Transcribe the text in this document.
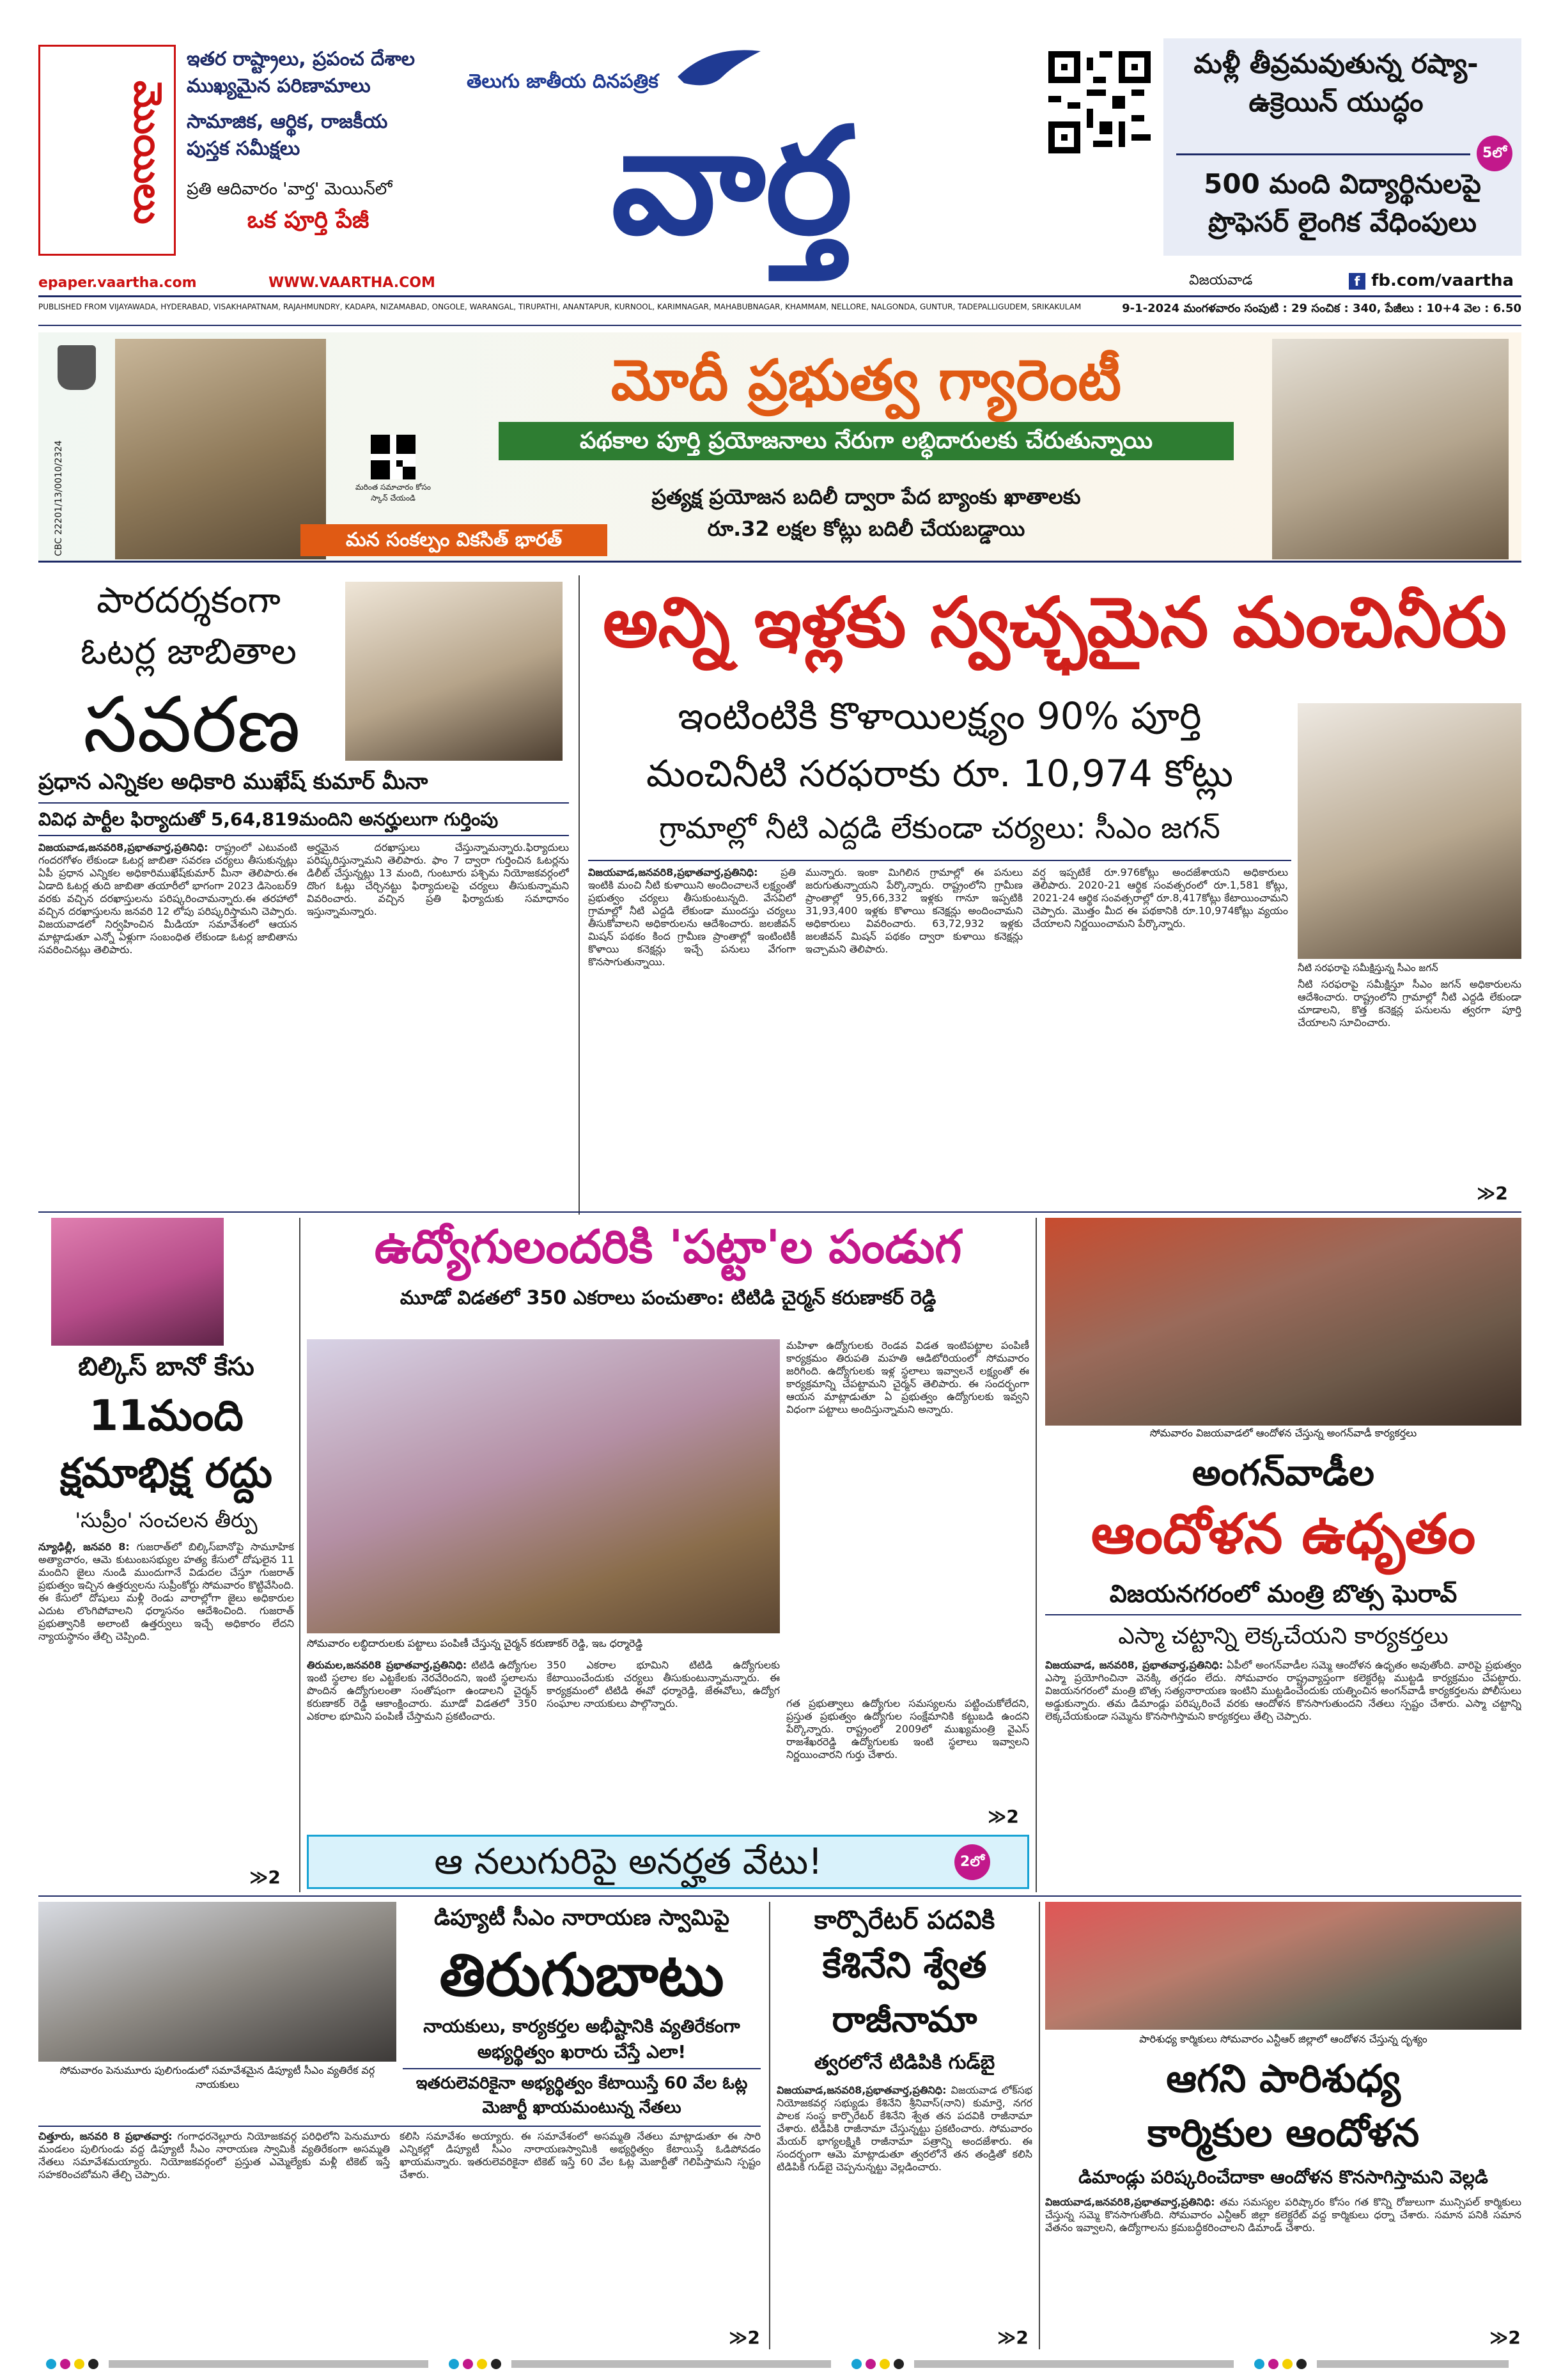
మొయిలు
ఇతర రాష్ట్రాలు, ప్రపంచ దేశాల ముఖ్యమైన పరిణామాలు
సామాజిక, ఆర్థిక, రాజకీయ పుస్తక సమీక్షలు
ప్రతి ఆదివారం 'వార్త' మెయిన్‌లో
ఒక పూర్తి పేజీ
తెలుగు జాతీయ దినపత్రిక
వార్త
మళ్లీ తీవ్రమవుతున్న రష్యా-ఉక్రెయిన్ యుద్ధం
5లో
500 మంది విద్యార్థినులపై ప్రొఫెసర్ లైంగిక వేధింపులు
epaper.vaartha.com	WWW.VAARTHA.COM	విజయవాడ	f fb.com/vaartha
PUBLISHED FROM VIJAYAWADA, HYDERABAD, VISAKHAPATNAM, RAJAHMUNDRY, KADAPA, NIZAMABAD, ONGOLE, WARANGAL, TIRUPATHI, ANANTAPUR, KURNOOL, KARIMNAGAR, MAHABUBNAGAR, KHAMMAM, NELLORE, NALGONDA, GUNTUR, TADEPALLIGUDEM, SRIKAKULAM	9-1-2024 మంగళవారం సంపుటి : 29 సంచిక : 340, పేజీలు : 10+4 వెల : 6.50
CBC 22201/13/0010/2324	మరింత సమాచారం కోసం స్కాన్ చేయండి
మన సంకల్పం వికసిత్ భారత్
మోదీ ప్రభుత్వ గ్యారెంటీ
పథకాల పూర్తి ప్రయోజనాలు నేరుగా లబ్ధిదారులకు చేరుతున్నాయి
ప్రత్యక్ష ప్రయోజన బదిలీ ద్వారా పేద బ్యాంకు ఖాతాలకు
రూ.32 లక్షల కోట్లు బదిలీ చేయబడ్డాయి
పారదర్శకంగా
ఓటర్ల జాబితాల
సవరణ
ప్రధాన ఎన్నికల అధికారి ముఖేష్ కుమార్ మీనా
వివిధ పార్టీల ఫిర్యాదుతో 5,64,819మందిని అనర్హులుగా గుర్తింపు
విజయవాడ,జనవరి8,ప్రభాతవార్త,ప్రతినిధి: రాష్ట్రంలో ఎటువంటి గందరగోళం లేకుండా ఓటర్ల జాబితా సవరణ చర్యలు తీసుకున్నట్లు ఏపీ ప్రధాన ఎన్నికల అధికారిముఖేష్‌కుమార్ మీనా తెలిపారు.ఈ ఏడాది ఓటర్ల తుది జాబితా తయారీలో భాగంగా 2023 డిసెంబర్‌9 వరకు వచ్చిన దరఖాస్తులను పరిష్కరించామన్నారు.ఈ తరహాలో వచ్చిన దరఖాస్తులను జనవరి 12 లోపు పరిష్కరిస్తామని చెప్పారు. విజయవాడలో నిర్వహించిన మీడియా సమావేశంలో ఆయన మాట్లాడుతూ ఎన్నో ఏళ్లుగా సంబంధిత లేకుండా ఓటర్ల జాబితాను సవరించినట్లు తెలిపారు.
అర్హమైన దరఖాస్తులు చేస్తున్నామన్నారు.ఫిర్యాదులు పరిష్కరిస్తున్నామని తెలిపారు. ఫాం 7 ద్వారా గుర్తించిన ఓటర్లను డిలీట్ చేస్తున్నట్లు 13 మంది, గుంటూరు పశ్చిమ నియోజకవర్గంలో దొంగ ఓట్లు చేర్చినట్టు ఫిర్యాదులపై చర్యలు తీసుకున్నామని వివరించారు. వచ్చిన ప్రతి ఫిర్యాదుకు సమాధానం ఇస్తున్నామన్నారు.
అన్ని ఇళ్లకు స్వచ్ఛమైన మంచినీరు
ఇంటింటికి కొళాయిలక్ష్యం 90% పూర్తి
మంచినీటి సరఫరాకు రూ. 10,974 కోట్లు
గ్రామాల్లో నీటి ఎద్దడి లేకుండా చర్యలు: సీఎం జగన్
విజయవాడ,జనవరి8,ప్రభాతవార్త,ప్రతినిధి: ప్రతి ఇంటికి మంచి నీటి కుళాయిని అందించాలనే లక్ష్యంతో ప్రభుత్వం చర్యలు తీసుకుంటున్నది. వేసవిలో గ్రామాల్లో నీటి ఎద్దడి లేకుండా ముందస్తు చర్యలు తీసుకోవాలని అధికారులను ఆదేశించారు. జలజీవన్ మిషన్ పథకం కింద గ్రామీణ ప్రాంతాల్లో ఇంటింటికీ కొళాయి కనెక్షన్లు ఇచ్చే పనులు వేగంగా కొనసాగుతున్నాయి.
మున్నారు. ఇంకా మిగిలిన గ్రామాల్లో ఈ పనులు జరుగుతున్నాయని పేర్కొన్నారు. రాష్ట్రంలోని గ్రామీణ ప్రాంతాల్లో 95,66,332 ఇళ్లకు గానూ ఇప్పటికి 31,93,400 ఇళ్లకు కొళాయి కనెక్షన్లు అందించామని అధికారులు వివరించారు. 63,72,932 ఇళ్లకు జలజీవన్ మిషన్ పథకం ద్వారా కుళాయి కనెక్షన్లు ఇచ్చామని తెలిపారు.
వర్ష ఇప్పటికే రూ.976కోట్లు అందజేశాయని అధికారులు తెలిపారు. 2020-21 ఆర్థిక సంవత్సరంలో రూ.1,581 కోట్లు, 2021-24 ఆర్థిక సంవత్సరాల్లో రూ.8,417కోట్లు కేటాయించామని చెప్పారు. మొత్తం మీద ఈ పథకానికి రూ.10,974కోట్లు వ్యయం చేయాలని నిర్ణయించామని పేర్కొన్నారు.
నీటి సరఫరాపై సమీక్షిస్తున్న సీఎం జగన్
నీటి సరఫరాపై సమీక్షిస్తూ సీఎం జగన్ అధికారులను ఆదేశించారు. రాష్ట్రంలోని గ్రామాల్లో నీటి ఎద్దడి లేకుండా చూడాలని, కొత్త కనెక్షన్ల పనులను త్వరగా పూర్తి చేయాలని సూచించారు.
≫2
బిల్కిస్ బానో కేసు
11మంది
క్షమాభిక్ష రద్దు
'సుప్రీం' సంచలన తీర్పు
న్యూఢిల్లీ, జనవరి 8: గుజరాత్‌లో బిల్కిస్‌బానోపై సామూహిక అత్యాచారం, ఆమె కుటుంబసభ్యుల హత్య కేసులో దోషులైన 11 మందిని జైలు నుండి ముందుగానే విడుదల చేస్తూ గుజరాత్ ప్రభుత్వం ఇచ్చిన ఉత్తర్వులను సుప్రీంకోర్టు సోమవారం కొట్టివేసింది. ఈ కేసులో దోషులు మళ్లీ రెండు వారాల్లోగా జైలు అధికారుల ఎదుట లొంగిపోవాలని ధర్మాసనం ఆదేశించింది. గుజరాత్ ప్రభుత్వానికి అలాంటి ఉత్తర్వులు ఇచ్చే అధికారం లేదని న్యాయస్థానం తేల్చి చెప్పింది.
≫2
ఉద్యోగులందరికి 'పట్టా'ల పండుగ
మూడో విడతలో 350 ఎకరాలు పంచుతాం: టిటిడి చైర్మన్ కరుణాకర్ రెడ్డి
సోమవారం లబ్ధిదారులకు పట్టాలు పంపిణీ చేస్తున్న చైర్మన్ కరుణాకర్ రెడ్డి, ఇఒ ధర్మారెడ్డి
మహిళా ఉద్యోగులకు రెండవ విడత ఇంటిపట్టాల పంపిణీ కార్యక్రమం తిరుపతి మహతి ఆడిటోరియంలో సోమవారం జరిగింది. ఉద్యోగులకు ఇళ్ల స్థలాలు ఇవ్వాలనే లక్ష్యంతో ఈ కార్యక్రమాన్ని చేపట్టామని చైర్మన్ తెలిపారు. ఈ సందర్భంగా ఆయన మాట్లాడుతూ ఏ ప్రభుత్వం ఉద్యోగులకు ఇవ్వని విధంగా పట్టాలు అందిస్తున్నామని అన్నారు.
తిరుమల,జనవరి8 ప్రభాతవార్త,ప్రతినిధి: టిటిడి ఉద్యోగుల ఇంటి స్థలాల కల ఎట్టకేలకు నెరవేరిందని, ఇంటి స్థలాలను పొందిన ఉద్యోగులంతా సంతోషంగా ఉండాలని చైర్మన్ కరుణాకర్ రెడ్డి ఆకాంక్షించారు. మూడో విడతలో 350 ఎకరాల భూమిని పంపిణీ చేస్తామని ప్రకటించారు.
350 ఎకరాల భూమిని టిటిడి ఉద్యోగులకు కేటాయించేందుకు చర్యలు తీసుకుంటున్నామన్నారు. ఈ కార్యక్రమంలో టిటిడి ఈవో ధర్మారెడ్డి, జేఈవోలు, ఉద్యోగ సంఘాల నాయకులు పాల్గొన్నారు.	గత ప్రభుత్వాలు ఉద్యోగుల సమస్యలను పట్టించుకోలేదని, ప్రస్తుత ప్రభుత్వం ఉద్యోగుల సంక్షేమానికి కట్టుబడి ఉందని పేర్కొన్నారు. రాష్ట్రంలో 2009లో ముఖ్యమంత్రి వైఎస్ రాజశేఖరరెడ్డి ఉద్యోగులకు ఇంటి స్థలాలు ఇవ్వాలని నిర్ణయించారని గుర్తు చేశారు.
≫2
ఆ నలుగురిపై అనర్హత వేటు!	2లో
సోమవారం విజయవాడలో ఆందోళన చేస్తున్న అంగన్‌వాడీ కార్యకర్తలు
అంగన్‌వాడీల
ఆందోళన ఉధృతం
విజయనగరంలో మంత్రి బొత్స ఘెరావ్
ఎస్మా చట్టాన్ని లెక్కచేయని కార్యకర్తలు
విజయవాడ, జనవరి8, ప్రభాతవార్త,ప్రతినిధి: ఏపీలో అంగన్‌వాడీల సమ్మె ఆందోళన ఉధృతం అవుతోంది. వారిపై ప్రభుత్వం ఎస్మా ప్రయోగించినా వెనక్కి తగ్గడం లేదు. సోమవారం రాష్ట్రవ్యాప్తంగా కలెక్టరేట్ల ముట్టడి కార్యక్రమం చేపట్టారు. విజయనగరంలో మంత్రి బొత్స సత్యనారాయణ ఇంటిని ముట్టడించేందుకు యత్నించిన అంగన్‌వాడీ కార్యకర్తలను పోలీసులు అడ్డుకున్నారు. తమ డిమాండ్లు పరిష్కరించే వరకు ఆందోళన కొనసాగుతుందని నేతలు స్పష్టం చేశారు. ఎస్మా చట్టాన్ని లెక్కచేయకుండా సమ్మెను కొనసాగిస్తామని కార్యకర్తలు తేల్చి చెప్పారు.
సోమవారం పెనుమూరు పులిగుండులో సమావేశమైన డిప్యూటీ సీఎం వ్యతిరేక వర్గ నాయకులు
డిప్యూటీ సీఎం నారాయణ స్వామిపై
తిరుగుబాటు
నాయకులు, కార్యకర్తల అభీష్టానికి వ్యతిరేకంగా అభ్యర్థిత్వం ఖరారు చేస్తే ఎలా!
ఇతరులెవరికైనా అభ్యర్థిత్వం కేటాయిస్తే 60 వేల ఓట్ల మెజార్టీ ఖాయమంటున్న నేతలు
చిత్తూరు, జనవరి 8 ప్రభాతవార్త: గంగాధరనెల్లూరు నియోజకవర్గ పరిధిలోని పెనుమూరు మండలం పులిగుండు వద్ద డిప్యూటీ సీఎం నారాయణ స్వామికి వ్యతిరేకంగా అసమ్మతి నేతలు సమావేశమయ్యారు. నియోజకవర్గంలో ప్రస్తుత ఎమ్మెల్యేకు మళ్లీ టికెట్ ఇస్తే సహకరించబోమని తేల్చి చెప్పారు.
కలిసి సమావేశం అయ్యారు. ఈ సమావేశంలో అసమ్మతి నేతలు మాట్లాడుతూ ఈ సారి ఎన్నికల్లో డిప్యూటీ సీఎం నారాయణస్వామికి అభ్యర్థిత్వం కేటాయిస్తే ఓడిపోవడం ఖాయమన్నారు. ఇతరులెవరికైనా టికెట్ ఇస్తే 60 వేల ఓట్ల మెజార్టీతో గెలిపిస్తామని స్పష్టం చేశారు.
≫2
కార్పొరేటర్ పదవికి
కేశినేని శ్వేత
రాజీనామా
త్వరలోనే టిడిపికి గుడ్‌బై
విజయవాడ,జనవరి8,ప్రభాతవార్త,ప్రతినిధి: విజయవాడ లోక్‌సభ నియోజకవర్గ సభ్యుడు కేశినేని శ్రీనివాస్(నాని) కుమార్తె, నగర పాలక సంస్థ కార్పొరేటర్ కేశినేని శ్వేత తన పదవికి రాజీనామా చేశారు. టిడిపికి రాజీనామా చేస్తున్నట్టు ప్రకటించారు. సోమవారం మేయర్ భాగ్యలక్ష్మికి రాజీనామా పత్రాన్ని అందజేశారు. ఈ సందర్భంగా ఆమె మాట్లాడుతూ త్వరలోనే తన తండ్రితో కలిసి టిడిపికి గుడ్‌బై చెప్పనున్నట్టు వెల్లడించారు.
≫2
పారిశుధ్య కార్మికులు సోమవారం ఎన్టీఆర్ జిల్లాలో ఆందోళన చేస్తున్న దృశ్యం
ఆగని పారిశుధ్య
కార్మికుల ఆందోళన
డిమాండ్లు పరిష్కరించేదాకా ఆందోళన కొనసాగిస్తామని వెల్లడి
విజయవాడ,జనవరి8,ప్రభాతవార్త,ప్రతినిధి: తమ సమస్యల పరిష్కారం కోసం గత కొన్ని రోజులుగా మున్సిపల్ కార్మికులు చేస్తున్న సమ్మె కొనసాగుతోంది. సోమవారం ఎన్టీఆర్ జిల్లా కలెక్టరేట్ వద్ద కార్మికులు ధర్నా చేశారు. సమాన పనికి సమాన వేతనం ఇవ్వాలని, ఉద్యోగాలను క్రమబద్ధీకరించాలని డిమాండ్ చేశారు.
≫2
